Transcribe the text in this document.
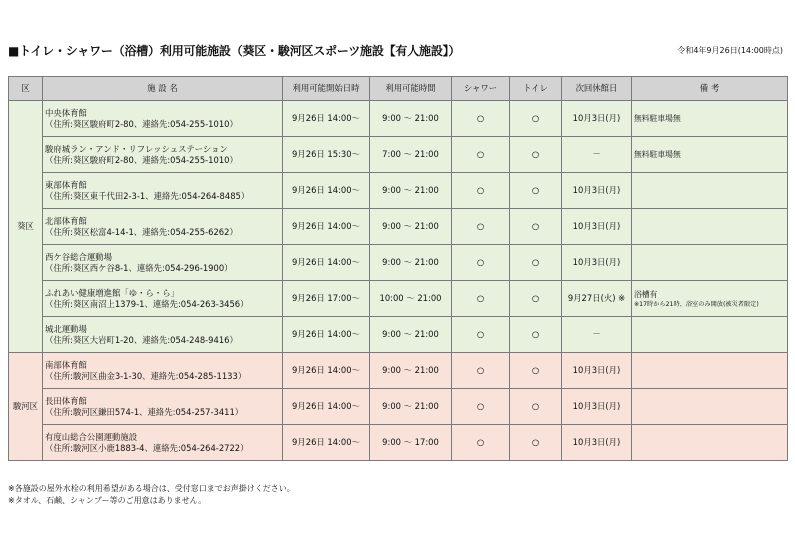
■トイレ・シャワー（浴槽）利用可能施設（葵区・駿河区スポーツ施設【有人施設】）	令和4年9月26日(14:00時点)
区	施 設 名	利用可能開始日時	利用可能時間	シャワー	トイレ	次回休館日	備 考
葵区	中央体育館
（住所:葵区駿府町2-80、連絡先:054-255-1010）	9月26日 14:00～	9:00 ～ 21:00	○	○	10月3日(月)	無料駐車場無

	駿府城ラン・アンド・リフレッシュステーション
（住所:葵区駿府町2-80、連絡先:054-255-1010）	9月26日 15:30～	7:00 ～ 21:00	○	○	－	無料駐車場無

	東部体育館
（住所:葵区東千代田2-3-1、連絡先:054-264-8485）	9月26日 14:00～	9:00 ～ 21:00	○	○	10月3日(月)	

	北部体育館
（住所:葵区松富4-14-1、連絡先:054-255-6262）	9月26日 14:00～	9:00 ～ 21:00	○	○	10月3日(月)	

	西ケ谷総合運動場
（住所:葵区西ケ谷8-1、連絡先:054-296-1900）	9月26日 14:00～	9:00 ～ 21:00	○	○	10月3日(月)	

	ふれあい健康増進館「ゆ・ら・ら」
（住所:葵区南沼上1379-1、連絡先:054-263-3456）	9月26日 17:00～	10:00 ～ 21:00	○	○	9月27日(火) ※	浴槽有
※17時から21時、浴室のみ開放(被災者限定)

	城北運動場
（住所:葵区大岩町1-20、連絡先:054-248-9416）	9月26日 14:00～	9:00 ～ 21:00	○	○	－	

駿河区	南部体育館
（住所:駿河区曲金3-1-30、連絡先:054-285-1133）	9月26日 14:00～	9:00 ～ 21:00	○	○	10月3日(月)	

	長田体育館
（住所:駿河区鎌田574-1、連絡先:054-257-3411）	9月26日 14:00～	9:00 ～ 21:00	○	○	10月3日(月)	

	有度山総合公園運動施設
（住所:駿河区小鹿1883-4、連絡先:054-264-2722）	9月26日 14:00～	9:00 ～ 17:00	○	○	10月3日(月)	
※各施設の屋外水栓の利用希望がある場合は、受付窓口までお声掛けください。
※タオル、石鹸、シャンプー等のご用意はありません。
